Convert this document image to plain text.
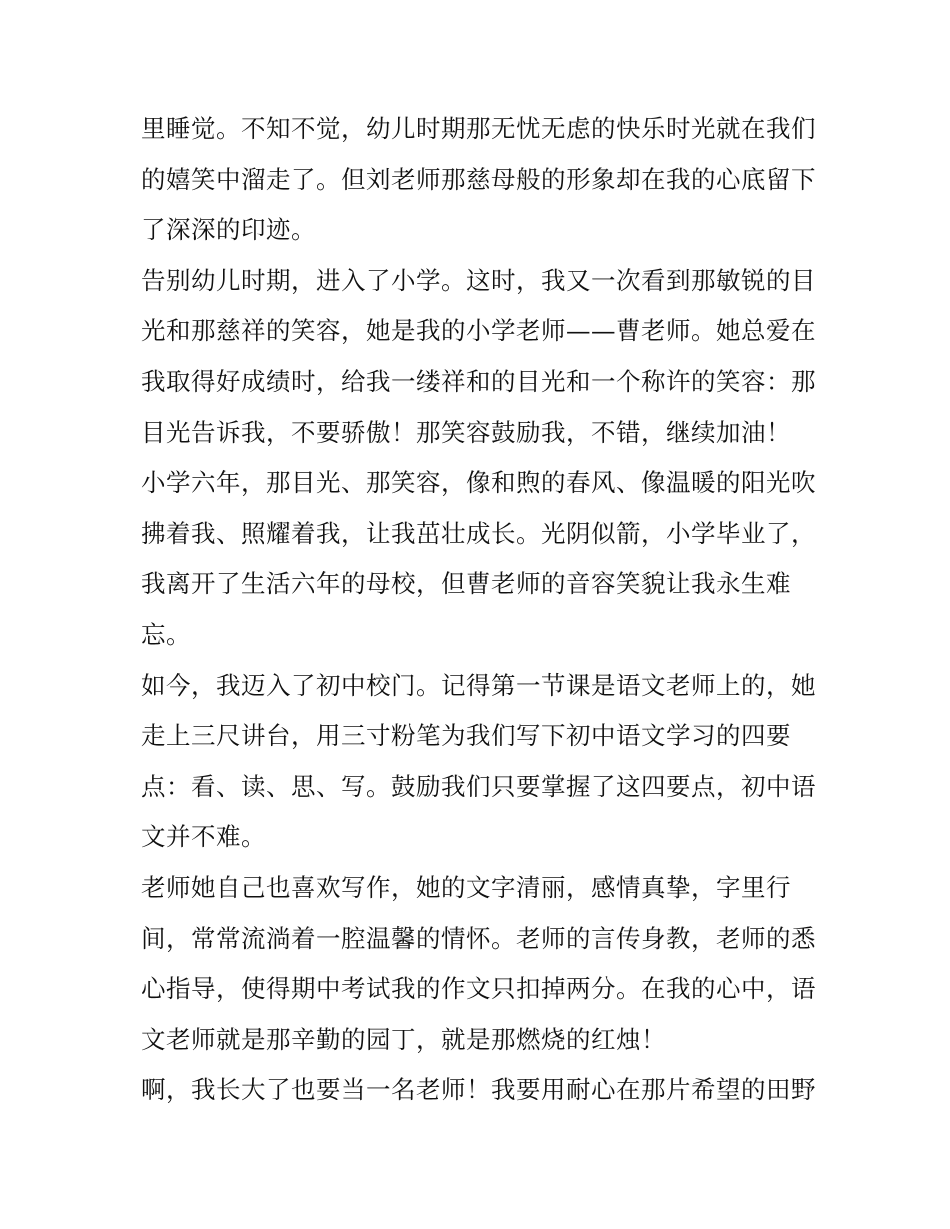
里睡觉。不知不觉，幼儿时期那无忧无虑的快乐时光就在我们
的嬉笑中溜走了。但刘老师那慈母般的形象却在我的心底留下
了深深的印迹。
告别幼儿时期，进入了小学。这时，我又一次看到那敏锐的目
光和那慈祥的笑容，她是我的小学老师——曹老师。她总爱在
我取得好成绩时，给我一缕祥和的目光和一个称许的笑容：那
目光告诉我，不要骄傲！那笑容鼓励我，不错，继续加油！
小学六年，那目光、那笑容，像和煦的春风、像温暖的阳光吹
拂着我、照耀着我，让我茁壮成长。光阴似箭，小学毕业了，
我离开了生活六年的母校，但曹老师的音容笑貌让我永生难
忘。
如今，我迈入了初中校门。记得第一节课是语文老师上的，她
走上三尺讲台，用三寸粉笔为我们写下初中语文学习的四要
点：看、读、思、写。鼓励我们只要掌握了这四要点，初中语
文并不难。
老师她自己也喜欢写作，她的文字清丽，感情真挚，字里行
间，常常流淌着一腔温馨的情怀。老师的言传身教，老师的悉
心指导，使得期中考试我的作文只扣掉两分。在我的心中，语
文老师就是那辛勤的园丁，就是那燃烧的红烛！
啊，我长大了也要当一名老师！我要用耐心在那片希望的田野
